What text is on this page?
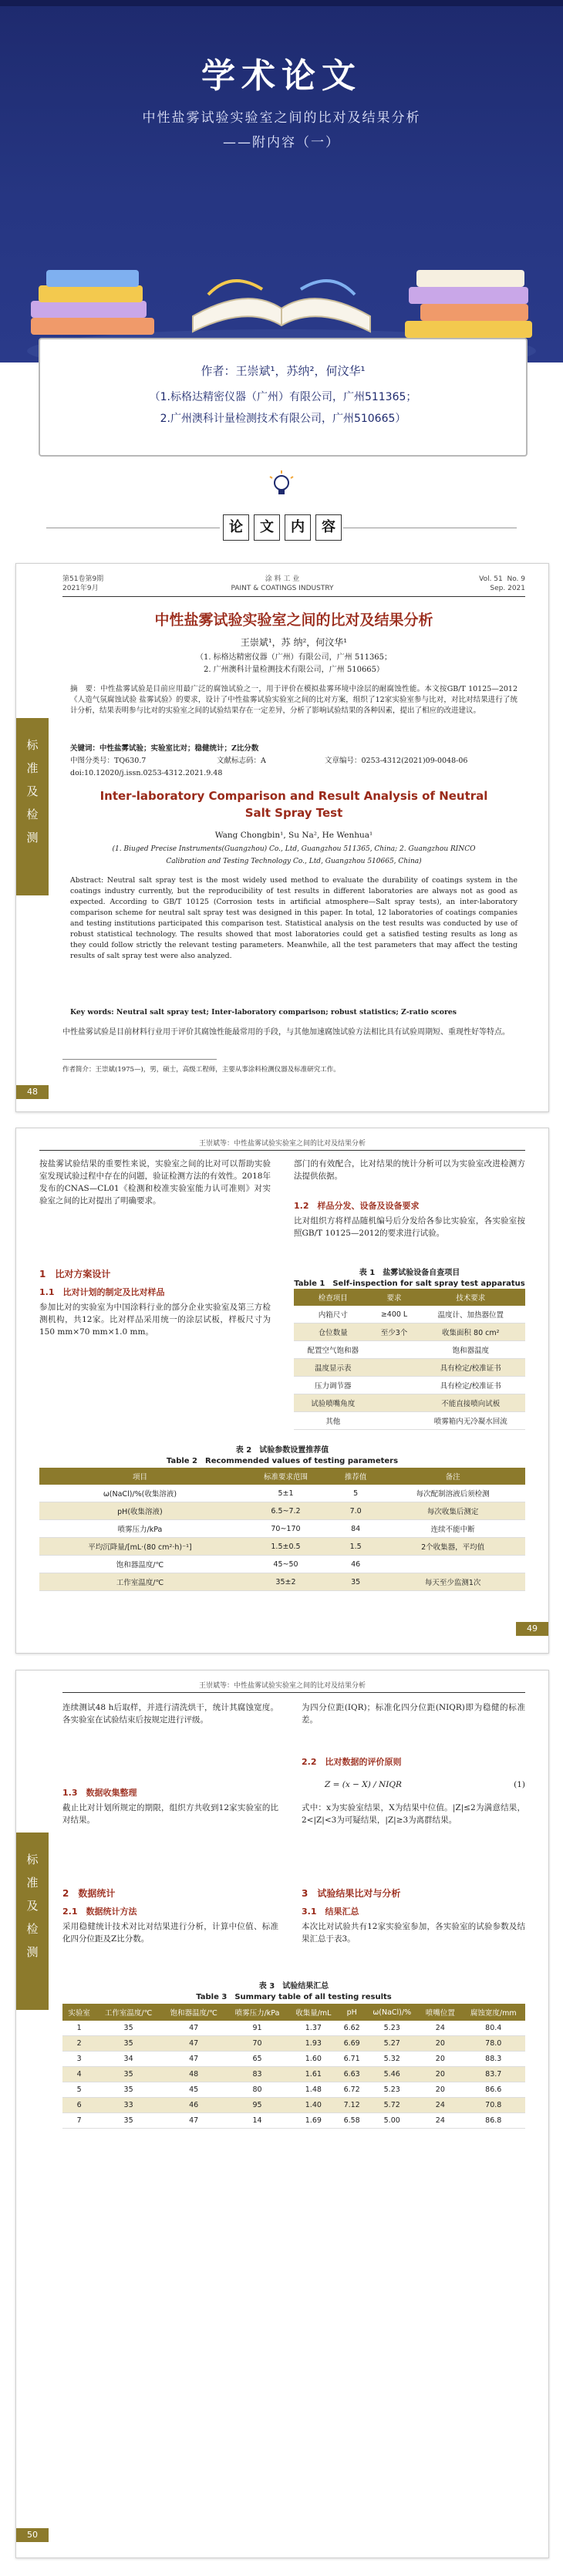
学术论文
中性盐雾试验实验室之间的比对及结果分析
——附内容（一）
作者：王崇斌¹，苏纳²，何汶华¹
（1.标格达精密仪器（广州）有限公司，广州511365；
2.广州澳科计量检测技术有限公司，广州510665）
论	文	内	容
标
准
及
检
测
第51卷第9期
2021年9月
涂 料 工 业
PAINT & COATINGS INDUSTRY
Vol. 51  No. 9
Sep. 2021
中性盐雾试验实验室之间的比对及结果分析
王崇斌¹，苏 纳²，何汶华¹
（1. 标格达精密仪器（广州）有限公司，广州 511365；
2. 广州澳科计量检测技术有限公司，广州 510665）
摘　要：中性盐雾试验是目前应用最广泛的腐蚀试验之一，用于评价在模拟盐雾环境中涂层的耐腐蚀性能。本文按GB/T 10125—2012《人造气氛腐蚀试验 盐雾试验》的要求，设计了中性盐雾试验实验室之间的比对方案，组织了12家实验室参与比对，对比对结果进行了统计分析，结果表明参与比对的实验室之间的试验结果存在一定差异，分析了影响试验结果的各种因素，提出了相应的改进建议。
关键词：中性盐雾试验；实验室比对；稳健统计；Z比分数
中图分类号：TQ630.7	文献标志码：A	文章编号：0253-4312(2021)09-0048-06
doi:10.12020/j.issn.0253-4312.2021.9.48
Inter-laboratory Comparison and Result Analysis of Neutral Salt Spray Test
Wang Chongbin¹, Su Na², He Wenhua¹
(1. Biuged Precise Instruments(Guangzhou) Co., Ltd, Guangzhou 511365, China; 2. Guangzhou RINCO
Calibration and Testing Technology Co., Ltd, Guangzhou 510665, China)
Abstract: Neutral salt spray test is the most widely used method to evaluate the durability of coatings system in the coatings industry currently, but the reproducibility of test results in different laboratories are always not as good as expected. According to GB/T 10125 (Corrosion tests in artificial atmosphere—Salt spray tests), an inter-laboratory comparison scheme for neutral salt spray test was designed in this paper. In total, 12 laboratories of coatings companies and testing institutions participated this comparison test. Statistical analysis on the test results was conducted by use of robust statistical technology. The results showed that most laboratories could get a satisfied testing results as long as they could follow strictly the relevant testing parameters. Meanwhile, all the test parameters that may affect the testing results of salt spray test were also analyzed.
Key words: Neutral salt spray test; Inter-laboratory comparison; robust statistics; Z-ratio scores
中性盐雾试验是目前材料行业用于评价其腐蚀性能最常用的手段，与其他加速腐蚀试验方法相比具有试验周期短、重现性好等特点。
作者简介：王崇斌(1975—)，男，硕士，高级工程师，主要从事涂料检测仪器及标准研究工作。
48
王崇斌等：中性盐雾试验实验室之间的比对及结果分析
按盐雾试验结果的重要性来说，实验室之间的比对可以帮助实验室发现试验过程中存在的问题，验证检测方法的有效性。2018年发布的CNAS—CL01《检测和校准实验室能力认可准则》对实验室之间的比对提出了明确要求。
1　比对方案设计
1.1　比对计划的制定及比对样品
参加比对的实验室为中国涂料行业的部分企业实验室及第三方检测机构，共12家。比对样品采用统一的涂层试板，样板尺寸为150 mm×70 mm×1.0 mm。
部门的有效配合，比对结果的统计分析可以为实验室改进检测方法提供依据。
1.2　样品分发、设备及设备要求
比对组织方将样品随机编号后分发给各参比实验室，各实验室按照GB/T 10125—2012的要求进行试验。
表 1　盐雾试验设备自查项目
Table 1　Self-inspection for salt spray test apparatus
检查项目	要求	技术要求
内箱尺寸	≥400 L	温度计、加热器位置
仓位数量	至少3个	收集面积 80 cm²
配置空气饱和器		饱和器温度
温度显示表		具有检定/校准证书
压力调节器		具有检定/校准证书
试验喷嘴角度		不能直接喷向试板
其他		喷雾箱内无冷凝水回流
表 2　试验参数设置推荐值
Table 2　Recommended values of testing parameters
项目	标准要求范围	推荐值	备注
ω(NaCl)/%(收集溶液)	5±1	5	每次配制溶液后须检测
pH(收集溶液)	6.5~7.2	7.0	每次收集后测定
喷雾压力/kPa	70~170	84	连续不能中断
平均沉降量/[mL·(80 cm²·h)⁻¹]	1.5±0.5	1.5	2个收集器，平均值
饱和器温度/℃	45~50	46	
工作室温度/℃	35±2	35	每天至少监测1次
49
标
准
及
检
测
王崇斌等：中性盐雾试验实验室之间的比对及结果分析
连续测试48 h后取样，并进行清洗烘干，统计其腐蚀宽度。各实验室在试验结束后按规定进行评级。
1.3　数据收集整理
截止比对计划所规定的期限，组织方共收到12家实验室的比对结果。
2　数据统计
2.1　数据统计方法
采用稳健统计技术对比对结果进行分析，计算中位值、标准化四分位距及Z比分数。
为四分位距(IQR)；标准化四分位距(NIQR)即为稳健的标准差。
2.2　比对数据的评价原则
Z = (x − X) / NIQR	(1)
式中：x为实验室结果，X为结果中位值。|Z|≤2为满意结果，2<|Z|<3为可疑结果，|Z|≥3为离群结果。
3　试验结果比对与分析
3.1　结果汇总
本次比对试验共有12家实验室参加，各实验室的试验参数及结果汇总于表3。
表 3　试验结果汇总
Table 3　Summary table of all testing results
实验室	工作室温度/℃	饱和器温度/℃	喷雾压力/kPa	收集量/mL	pH	ω(NaCl)/%	喷嘴位置	腐蚀宽度/mm
1	35	47	91	1.37	6.62	5.23	24	80.4
2	35	47	70	1.93	6.69	5.27	20	78.0
3	34	47	65	1.60	6.71	5.32	20	88.3
4	35	48	83	1.61	6.63	5.46	20	83.7
5	35	45	80	1.48	6.72	5.23	20	86.6
6	33	46	95	1.40	7.12	5.72	24	70.8
7	35	47	14	1.69	6.58	5.00	24	86.8
50
